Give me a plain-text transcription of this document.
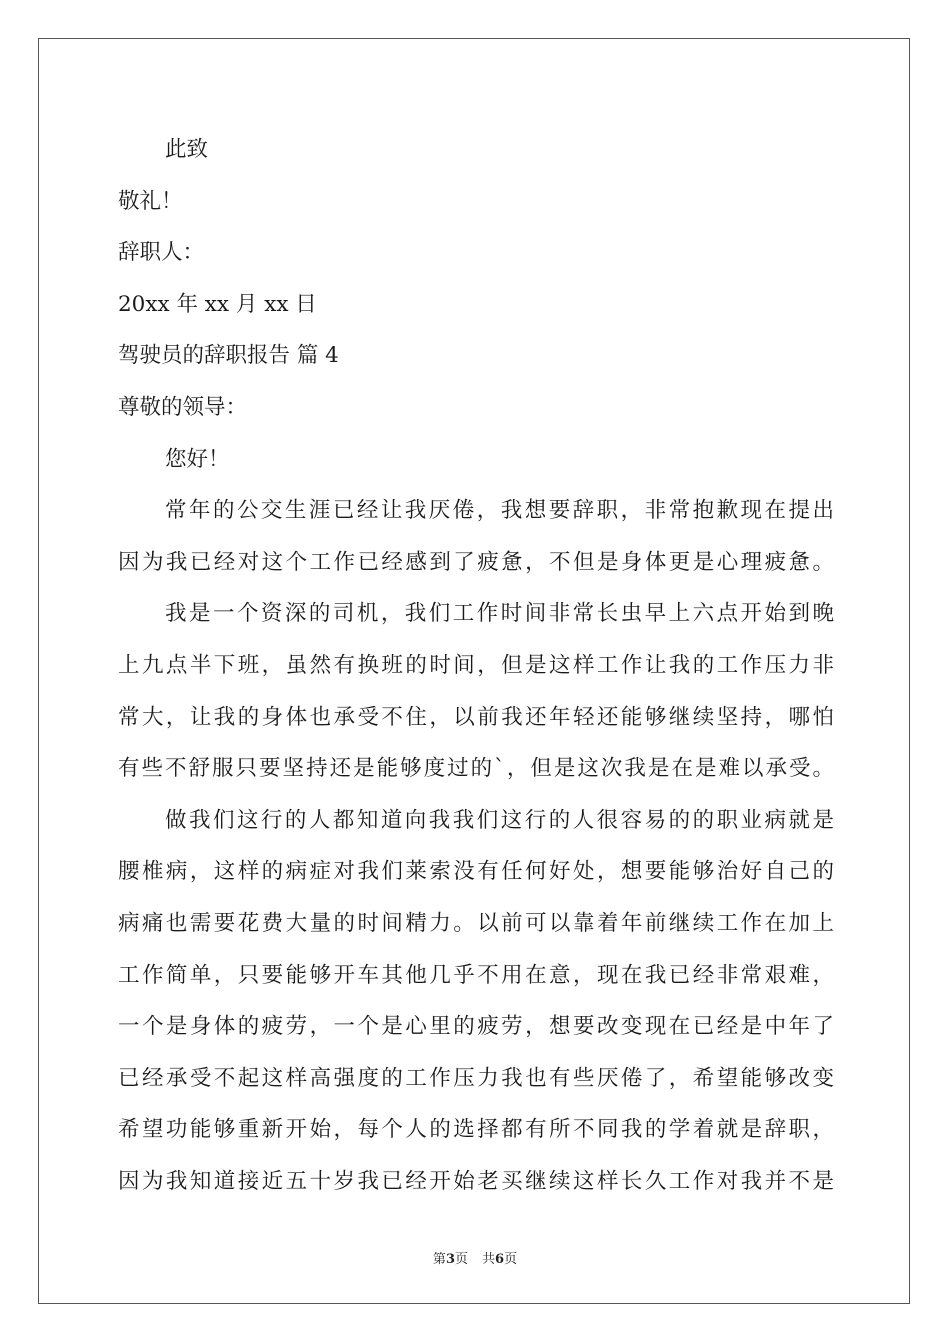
此致
敬礼！
辞职人：
20xx 年 xx 月 xx 日
驾驶员的辞职报告 篇 4
尊敬的领导：
您好！
常年的公交生涯已经让我厌倦，我想要辞职，非常抱歉现在提出
因为我已经对这个工作已经感到了疲惫，不但是身体更是心理疲惫。
我是一个资深的司机，我们工作时间非常长虫早上六点开始到晚
上九点半下班，虽然有换班的时间，但是这样工作让我的工作压力非
常大，让我的身体也承受不住，以前我还年轻还能够继续坚持，哪怕
有些不舒服只要坚持还是能够度过的`，但是这次我是在是难以承受。
做我们这行的人都知道向我我们这行的人很容易的的职业病就是
腰椎病，这样的病症对我们莱索没有任何好处，想要能够治好自己的
病痛也需要花费大量的时间精力。以前可以靠着年前继续工作在加上
工作简单，只要能够开车其他几乎不用在意，现在我已经非常艰难，
一个是身体的疲劳，一个是心里的疲劳，想要改变现在已经是中年了
已经承受不起这样高强度的工作压力我也有些厌倦了，希望能够改变
希望功能够重新开始，每个人的选择都有所不同我的学着就是辞职，
因为我知道接近五十岁我已经开始老买继续这样长久工作对我并不是
第3页 共6页
